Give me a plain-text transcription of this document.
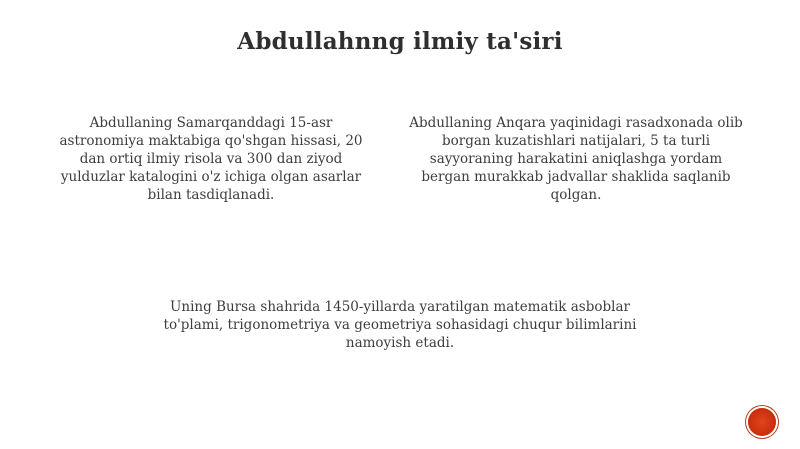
Abdullahnng ilmiy ta'siri
Abdullaning Samarqanddagi 15-asr astronomiya maktabiga qo'shgan hissasi, 20 dan ortiq ilmiy risola va 300 dan ziyod yulduzlar katalogini o'z ichiga olgan asarlar bilan tasdiqlanadi.
Abdullaning Anqara yaqinidagi rasadxonada olib borgan kuzatishlari natijalari, 5 ta turli sayyoraning harakatini aniqlashga yordam bergan murakkab jadvallar shaklida saqlanib qolgan.
Uning Bursa shahrida 1450-yillarda yaratilgan matematik asboblar to'plami, trigonometriya va geometriya sohasidagi chuqur bilimlarini namoyish etadi.
